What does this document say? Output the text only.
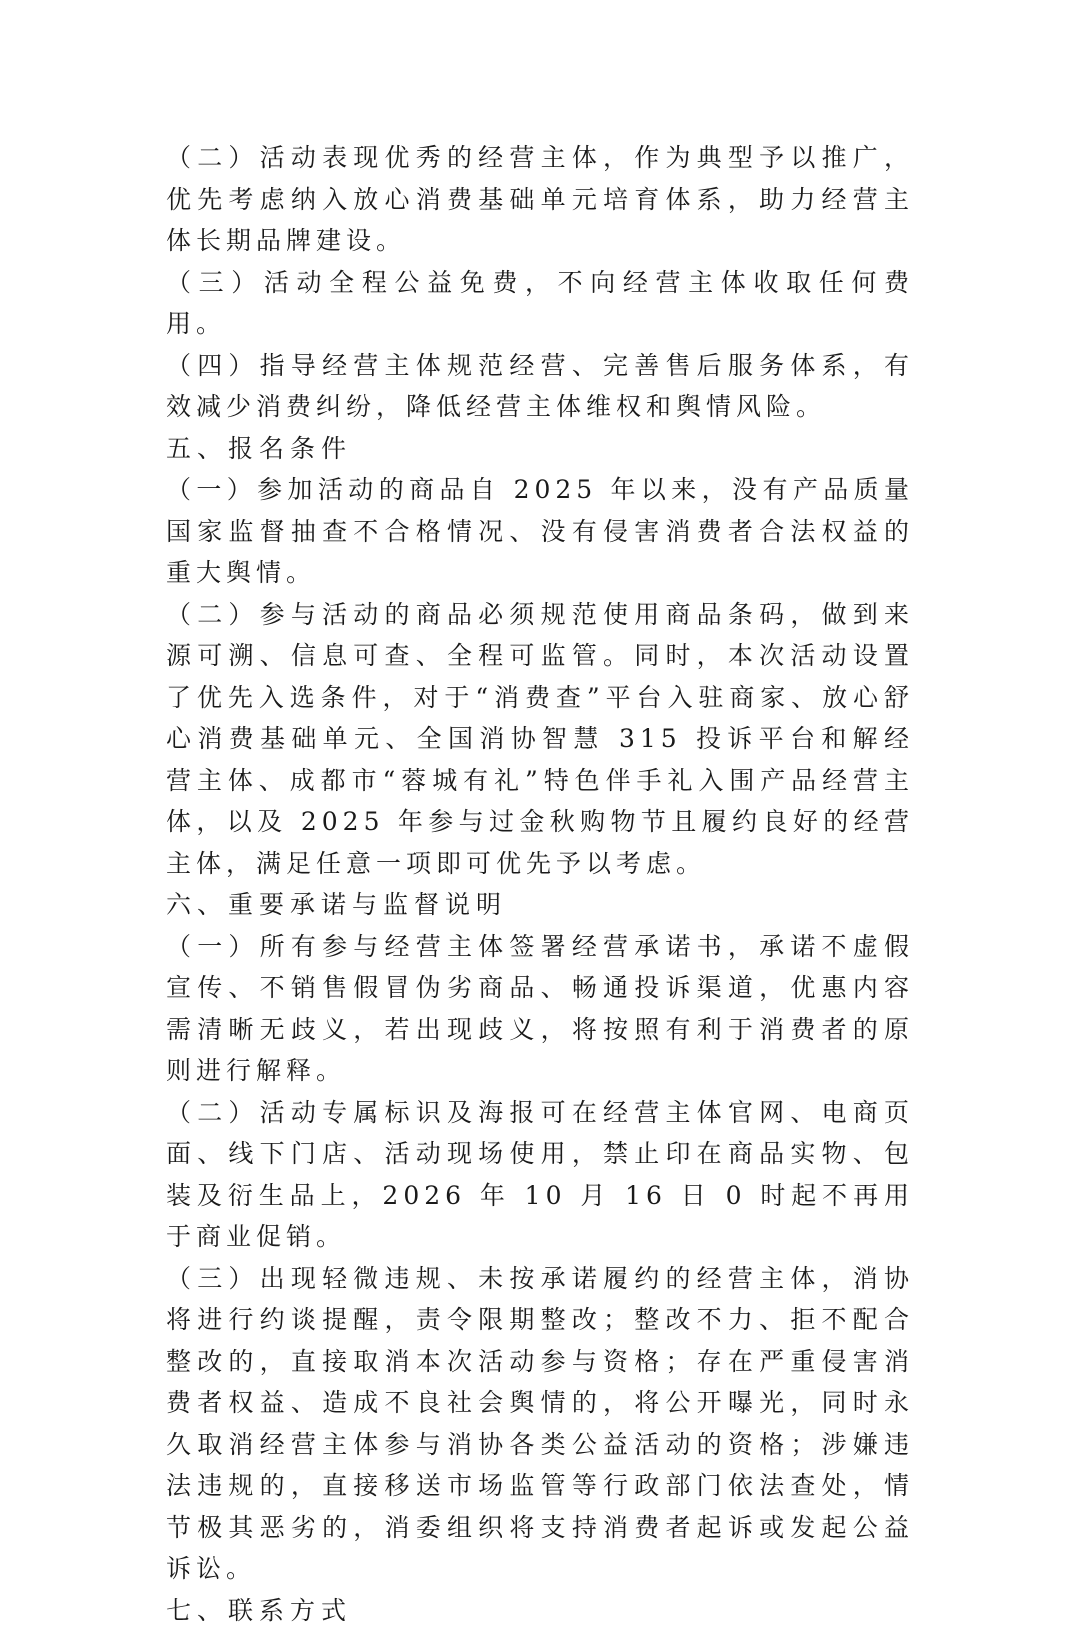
（二）活动表现优秀的经营主体，作为典型予以推广，优先考虑纳入放心消费基础单元培育体系，助力经营主体长期品牌建设。

（三）活动全程公益免费，不向经营主体收取任何费用。

（四）指导经营主体规范经营、完善售后服务体系，有效减少消费纠纷，降低经营主体维权和舆情风险。

五、报名条件

（一）参加活动的商品自 2025 年以来，没有产品质量国家监督抽查不合格情况、没有侵害消费者合法权益的重大舆情。

（二）参与活动的商品必须规范使用商品条码，做到来源可溯、信息可查、全程可监管。同时，本次活动设置了优先入选条件，对于“消费查”平台入驻商家、放心舒心消费基础单元、全国消协智慧 315 投诉平台和解经营主体、成都市“蓉城有礼”特色伴手礼入围产品经营主体，以及 2025 年参与过金秋购物节且履约良好的经营主体，满足任意一项即可优先予以考虑。

六、重要承诺与监督说明

（一）所有参与经营主体签署经营承诺书，承诺不虚假宣传、不销售假冒伪劣商品、畅通投诉渠道，优惠内容需清晰无歧义，若出现歧义，将按照有利于消费者的原则进行解释。

（二）活动专属标识及海报可在经营主体官网、电商页面、线下门店、活动现场使用，禁止印在商品实物、包装及衍生品上，2026 年 10 月 16 日 0 时起不再用于商业促销。

（三）出现轻微违规、未按承诺履约的经营主体，消协将进行约谈提醒，责令限期整改；整改不力、拒不配合整改的，直接取消本次活动参与资格；存在严重侵害消费者权益、造成不良社会舆情的，将公开曝光，同时永久取消经营主体参与消协各类公益活动的资格；涉嫌违法违规的，直接移送市场监管等行政部门依法查处，情节极其恶劣的，消委组织将支持消费者起诉或发起公益诉讼。

七、联系方式
